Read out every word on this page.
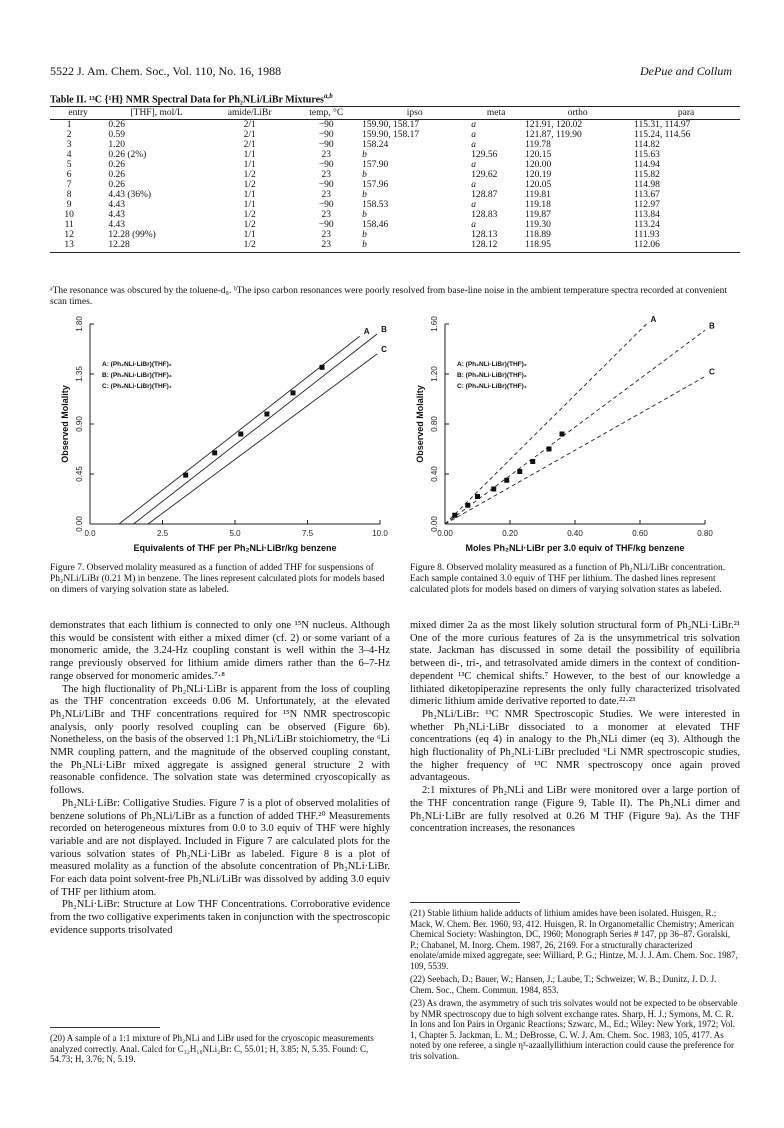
5522 J. Am. Chem. Soc., Vol. 110, No. 16, 1988	DePue and Collum
Table II. ¹³C {¹H} NMR Spectral Data for Ph₂NLi/LiBr Mixtures$^{a,b}$
entry	[THF], mol/L	amide/LiBr	temp, °C	ipso	meta	ortho	para
1	0.26	2/1	−90	159.90, 158.17	a	121.91, 120.02	115.31, 114.97
2	0.59	2/1	−90	159.90, 158.17	a	121.87, 119.90	115.24, 114.56
3	1.20	2/1	−90	158.24	a	119.78	114.82
4	0.26 (2%)	1/1	23	b	129.56	120.15	115.63
5	0.26	1/1	−90	157.90	a	120.00	114.94
6	0.26	1/2	23	b	129.62	120.19	115.82
7	0.26	1/2	−90	157.96	a	120.05	114.98
8	4.43 (36%)	1/1	23	b	128.87	119.81	113.67
9	4.43	1/1	−90	158.53	a	119.18	112.97
10	4.43	1/2	23	b	128.83	119.87	113.84
11	4.43	1/2	−90	158.46	a	119.30	113.24
12	12.28 (99%)	1/1	23	b	128.13	118.89	111.93
13	12.28	1/2	23	b	128.12	118.95	112.06
ᵃThe resonance was obscured by the toluene-d₈. ᵇThe ipso carbon resonances were poorly resolved from base-line noise in the ambient temperature spectra recorded at convenient scan times.
0.0	2.5	5.0	7.5	10.0
0.00
0.45
0.90
1.35
1.80
Equivalents of THF per Ph₂NLi·LiBr/kg benzene
Observed Molality
A B
C
A: (Ph₂NLi·LiBr)(THF)₂
B: (Ph₂NLi·LiBr)(THF)₃
C: (Ph₂NLi·LiBr)(THF)₄
Figure 7. Observed molality measured as a function of added THF for suspensions of Ph₂NLi/LiBr (0.21 M) in benzene. The lines represent calculated plots for models based on dimers of varying solvation state as labeled.
0.00	0.20	0.40	0.60	0.80
0.00
0.40
0.80
1.20
1.60
Moles Ph₂NLi·LiBr per 3.0 equiv of THF/kg benzene
Observed Molality
A
B
C
A: (Ph₂NLi·LiBr)(THF)₂
B: (Ph₂NLi·LiBr)(THF)₃
C: (Ph₂NLi·LiBr)(THF)₄
Figure 8. Observed molality measured as a function of Ph₂NLi/LiBr concentration. Each sample contained 3.0 equiv of THF per lithium. The dashed lines represent calculated plots for models based on dimers of varying solvation states as labeled.

demonstrates that each lithium is connected to only one ¹⁵N nucleus. Although this would be consistent with either a mixed dimer (cf. 2) or some variant of a monomeric amide, the 3.24-Hz coupling constant is well within the 3–4-Hz range previously observed for lithium amide dimers rather than the 6–7-Hz range observed for monomeric amides.⁷·⁸

The high fluctionality of Ph₂NLi·LiBr is apparent from the loss of coupling as the THF concentration exceeds 0.06 M. Unfortunately, at the elevated Ph₂NLi/LiBr and THF concentrations required for ¹⁵N NMR spectroscopic analysis, only poorly resolved coupling can be observed (Figure 6b). Nonetheless, on the basis of the observed 1:1 Ph₂NLi/LiBr stoichiometry, the ⁶Li NMR coupling pattern, and the magnitude of the observed coupling constant, the Ph₂NLi·LiBr mixed aggregate is assigned general structure 2 with reasonable confidence. The solvation state was determined cryoscopically as follows.

Ph₂NLi·LiBr: Colligative Studies. Figure 7 is a plot of observed molalities of benzene solutions of Ph₂NLi/LiBr as a function of added THF.²⁰ Measurements recorded on heterogeneous mixtures from 0.0 to 3.0 equiv of THF were highly variable and are not displayed. Included in Figure 7 are calculated plots for the various solvation states of Ph₂NLi·LiBr as labeled. Figure 8 is a plot of measured molality as a function of the absolute concentration of Ph₂NLi·LiBr. For each data point solvent-free Ph₂NLi/LiBr was dissolved by adding 3.0 equiv of THF per lithium atom.

Ph₂NLi·LiBr: Structure at Low THF Concentrations. Corroborative evidence from the two colligative experiments taken in conjunction with the spectroscopic evidence supports trisolvated

(20) A sample of a 1:1 mixture of Ph₂NLi and LiBr used for the cryoscopic measurements analyzed correctly. Anal. Calcd for C₁₂H₁₀NLi₂Br: C, 55.01; H, 3.85; N, 5.35. Found: C, 54.73; H, 3.76; N, 5.19.

mixed dimer 2a as the most likely solution structural form of Ph₂NLi·LiBr.²¹ One of the more curious features of 2a is the unsymmetrical tris solvation state. Jackman has discussed in some detail the possibility of equilibria between di-, tri-, and tetrasolvated amide dimers in the context of condition-dependent ¹³C chemical shifts.⁷ However, to the best of our knowledge a lithiated diketopiperazine represents the only fully characterized trisolvated dimeric lithium amide derivative reported to date.²²·²³

Ph₂NLi/LiBr: ¹³C NMR Spectroscopic Studies. We were interested in whether Ph₂NLi·LiBr dissociated to a monomer at elevated THF concentrations (eq 4) in analogy to the Ph₂NLi dimer (eq 3). Although the high fluctionality of Ph₂NLi·LiBr precluded ⁶Li NMR spectroscopic studies, the higher frequency of ¹³C NMR spectroscopy once again proved advantageous.

2:1 mixtures of Ph₂NLi and LiBr were monitored over a large portion of the THF concentration range (Figure 9, Table II). The Ph₂NLi dimer and Ph₂NLi·LiBr are fully resolved at 0.26 M THF (Figure 9a). As the THF concentration increases, the resonances

(21) Stable lithium halide adducts of lithium amides have been isolated. Huisgen, R.; Mack, W. Chem. Ber. 1960, 93, 412. Huisgen, R. In Organometallic Chemistry; American Chemical Society: Washington, DC, 1960; Monograph Series # 147, pp 36–87. Goralski, P.; Chabanel, M. Inorg. Chem. 1987, 26, 2169. For a structurally characterized enolate/amide mixed aggregate, see: Williard, P. G.; Hintze, M. J. J. Am. Chem. Soc. 1987, 109, 5539.

(22) Seebach, D.; Bauer, W.; Hansen, J.; Laube, T.; Schweizer, W. B.; Dunitz, J. D. J. Chem. Soc., Chem. Commun. 1984, 853.

(23) As drawn, the asymmetry of such tris solvates would not be expected to be observable by NMR spectroscopy due to high solvent exchange rates. Sharp, H. J.; Symons, M. C. R. In Ions and Ion Pairs in Organic Reactions; Szwarc, M., Ed.; Wiley: New York, 1972; Vol. 1, Chapter 5. Jackman, L. M.; DeBrosse, C. W. J. Am. Chem. Soc. 1983, 105, 4177. As noted by one referee, a single η³-azaallyllithium interaction could cause the preference for tris solvation.
